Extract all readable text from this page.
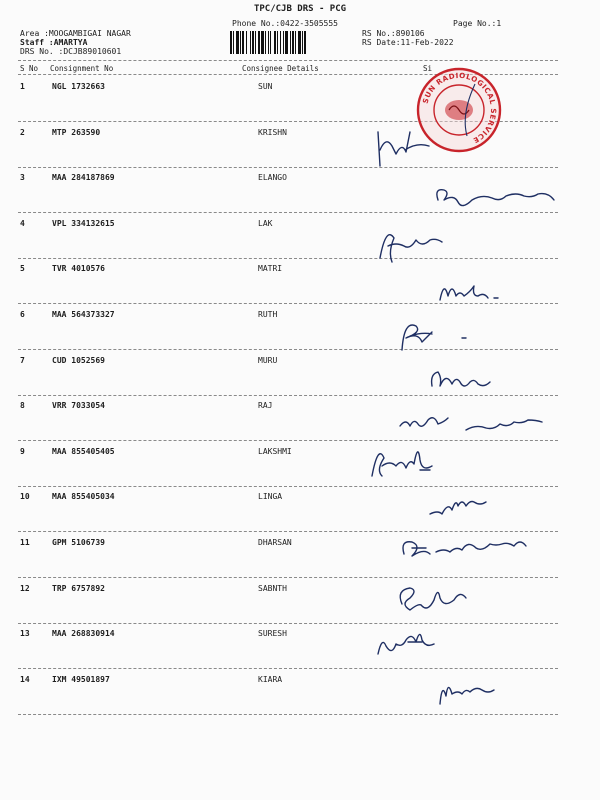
TPC/CJB DRS - PCG
Phone No.:0422-3505555	Page No.:1
Area :MOOGAMBIGAI NAGAR
Staff :AMARTYA
DRS No. :DCJB89010601
RS No.:890106
RS Date:11-Feb-2022
S No Consignment No	Consignee Details	Si
1	NGL 1732663	SUN
2	MTP 263590	KRISHN
3	MAA 284187869	ELANGO
4	VPL 334132615	LAK
5	TVR 4010576	MATRI
6	MAA 564373327	RUTH
7	CUD 1052569	MURU
8	VRR 7033054	RAJ
9	MAA 855405405	LAKSHMI
10	MAA 855405034	LINGA
11	GPM 5106739	DHARSAN
12	TRP 6757892	SABNTH
13	MAA 268830914	SURESH
14	IXM 49501897	KIARA
SUN RADIOLOGICAL SERVICE
